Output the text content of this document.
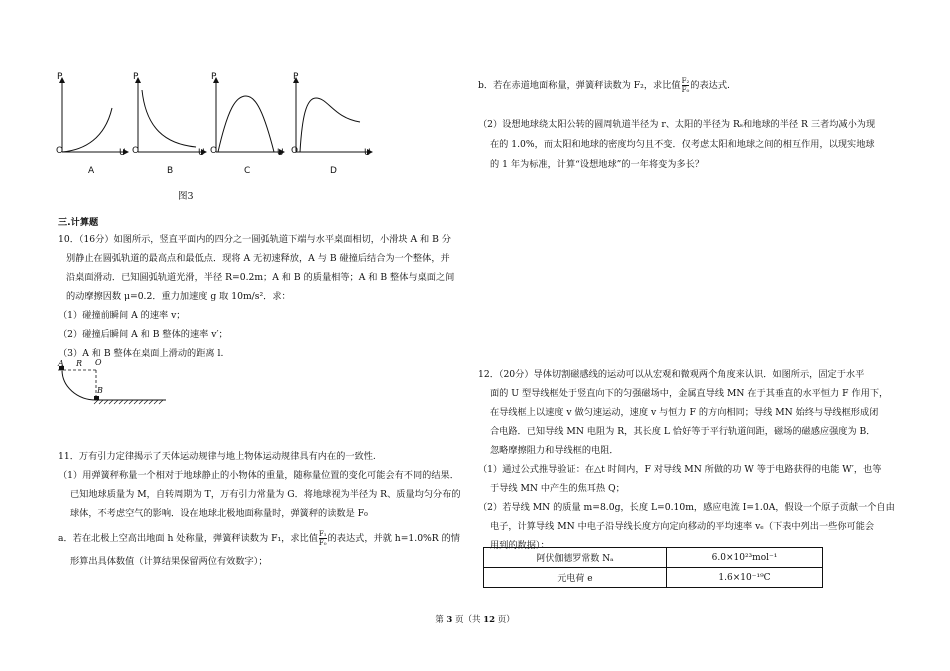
P
O	U
A
P
O	U
B
P
O	U
C
P
O	U
D
图3
三.计算题
10．（16分）如图所示，竖直平面内的四分之一圆弧轨道下端与水平桌面相切，小滑块 A 和 B 分
别静止在圆弧轨道的最高点和最低点．现将 A 无初速释放，A 与 B 碰撞后结合为一个整体，并
沿桌面滑动．已知圆弧轨道光滑，半径 R=0.2m；A 和 B 的质量相等；A 和 B 整体与桌面之间
的动摩擦因数 μ=0.2．重力加速度 g 取 10m/s²．求：
（1）碰撞前瞬间 A 的速率 v；
（2）碰撞后瞬间 A 和 B 整体的速率 v′；
（3）A 和 B 整体在桌面上滑动的距离 l.
A R O
B
11．万有引力定律揭示了天体运动规律与地上物体运动规律具有内在的一致性.
（1）用弹簧秤称量一个相对于地球静止的小物体的重量，随称量位置的变化可能会有不同的结果．
已知地球质量为 M，自转周期为 T，万有引力常量为 G．将地球视为半径为 R、质量均匀分布的
球体，不考虑空气的影响．设在地球北极地面称量时，弹簧秤的读数是 F₀
a．若在北极上空高出地面 h 处称量，弹簧秤读数为 F₁，求比值 $\frac{\text{F₁}}{\text{F₀}}$ 的表达式，并就 h=1.0%R 的情
形算出具体数值（计算结果保留两位有效数字）；
b．若在赤道地面称量，弹簧秤读数为 F₂，求比值 $\frac{\text{F₂}}{\text{F₀}}$ 的表达式.
（2）设想地球绕太阳公转的圆周轨道半径为 r、太阳的半径为 Rₛ和地球的半径 R 三者均减小为现
在的 1.0%，而太阳和地球的密度均匀且不变．仅考虑太阳和地球之间的相互作用，以现实地球
的 1 年为标准，计算“设想地球”的一年将变为多长？
12．（20分）导体切割磁感线的运动可以从宏观和微观两个角度来认识．如图所示，固定于水平
面的 U 型导线框处于竖直向下的匀强磁场中，金属直导线 MN 在于其垂直的水平恒力 F 作用下，
在导线框上以速度 v 做匀速运动，速度 v 与恒力 F 的方向相同；导线 MN 始终与导线框形成闭
合电路．已知导线 MN 电阻为 R，其长度 L 恰好等于平行轨道间距，磁场的磁感应强度为 B．
忽略摩擦阻力和导线框的电阻．
（1）通过公式推导验证：在△t 时间内，F 对导线 MN 所做的功 W 等于电路获得的电能 W′，也等
于导线 MN 中产生的焦耳热 Q；
（2）若导线 MN 的质量 m=8.0g，长度 L=0.10m，感应电流 I=1.0A，假设一个原子贡献一个自由
电子，计算导线 MN 中电子沿导线长度方向定向移动的平均速率 vₑ（下表中列出一些你可能会
用到的数据）：
阿伏伽德罗常数 Nₐ	6.0×10²³mol⁻¹
元电荷 e	1.6×10⁻¹⁹C
第 3 页（共 12 页）
